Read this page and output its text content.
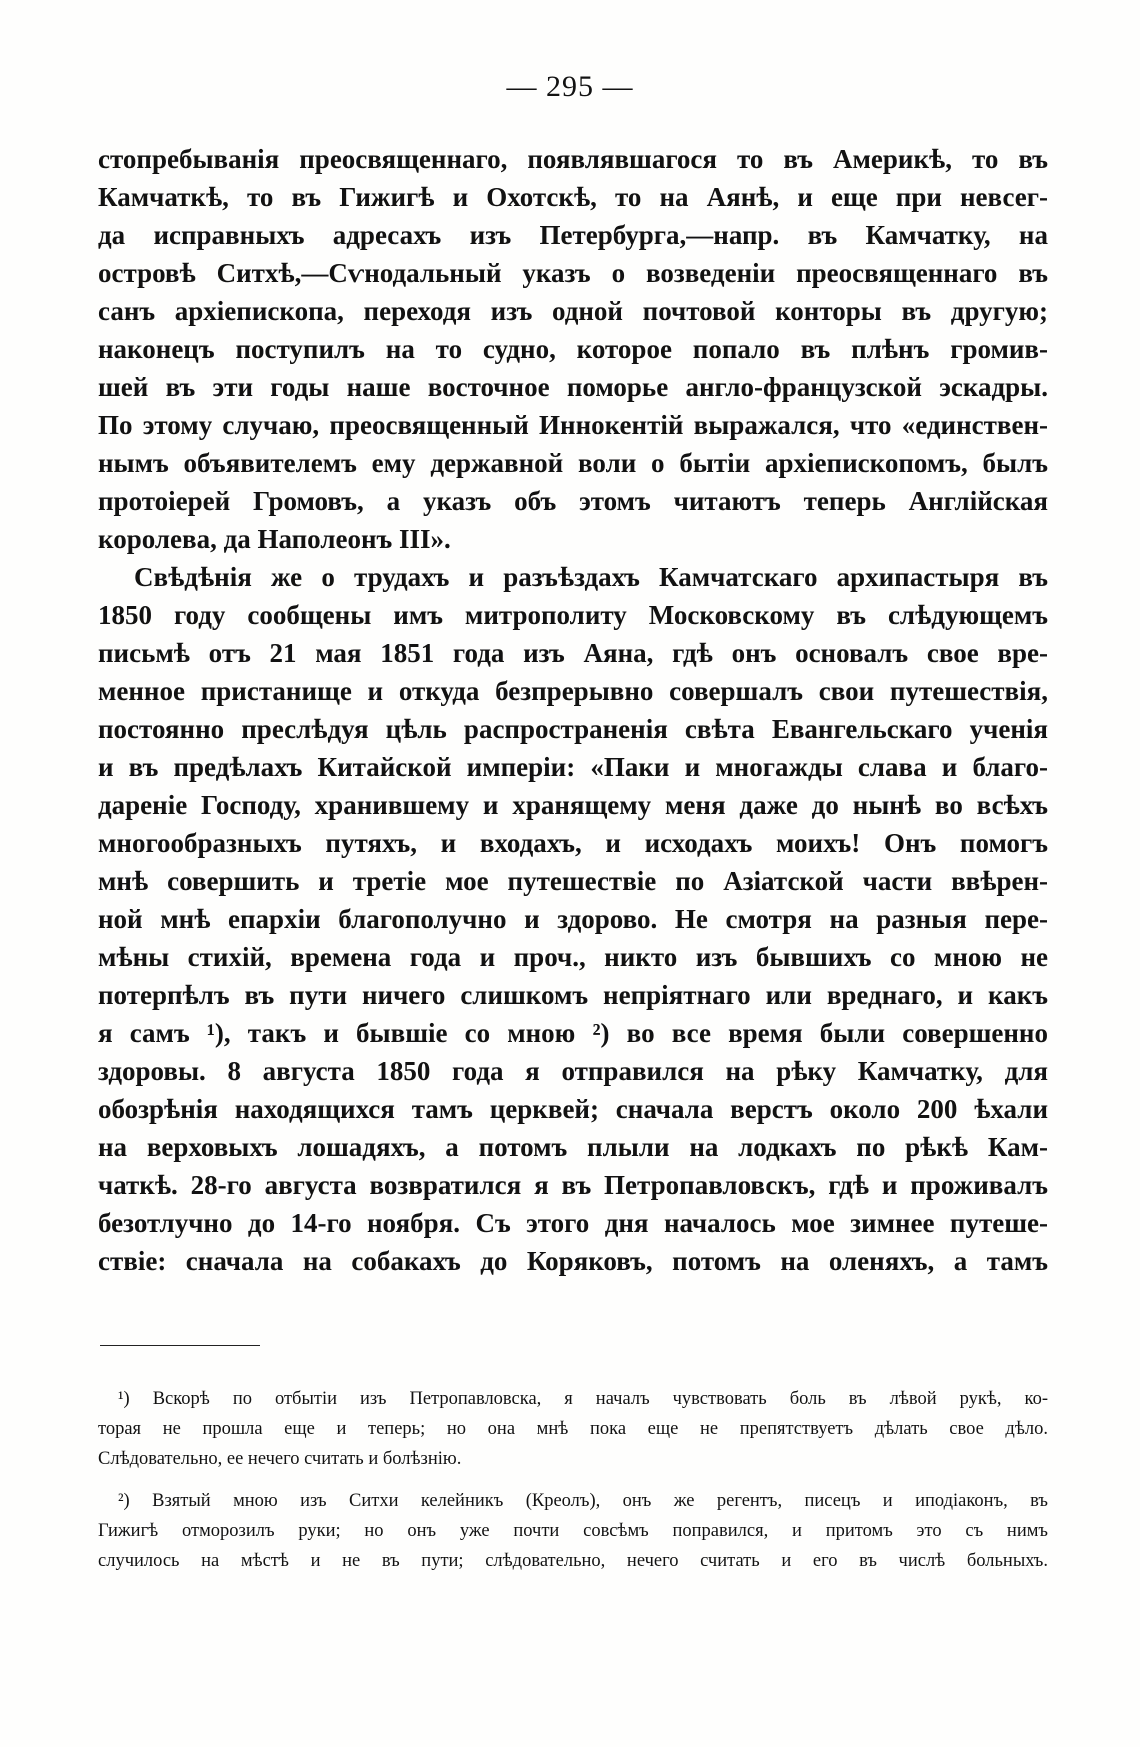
— 295 —
стопребыванія преосвященнаго, появлявшагося то въ Америкѣ, то въ
Камчаткѣ, то въ Гижигѣ и Охотскѣ, то на Аянѣ, и еще при невсег-
да исправныхъ адресахъ изъ Петербурга,—напр. въ Камчатку, на
островѣ Ситхѣ,—Сѵнодальный указъ о возведеніи преосвященнаго въ
санъ архіепископа, переходя изъ одной почтовой конторы въ другую;
наконецъ поступилъ на то судно, которое попало въ плѣнъ громив-
шей въ эти годы наше восточное поморье англо-французской эскадры.
По этому случаю, преосвященный Иннокентій выражался, что «единствен-
нымъ объявителемъ ему державной воли о бытіи архіепископомъ, былъ
протоіерей Громовъ, а указъ объ этомъ читаютъ теперь Англійская
королева, да Наполеонъ III».
Свѣдѣнія же о трудахъ и разъѣздахъ Камчатскаго архипастыря въ
1850 году сообщены имъ митрополиту Московскому въ слѣдующемъ
письмѣ отъ 21 мая 1851 года изъ Аяна, гдѣ онъ основалъ свое вре-
менное пристанище и откуда безпрерывно совершалъ свои путешествія,
постоянно преслѣдуя цѣль распространенія свѣта Евангельскаго ученія
и въ предѣлахъ Китайской имперіи: «Паки и многажды слава и благо-
дареніе Господу, хранившему и хранящему меня даже до нынѣ во всѣхъ
многообразныхъ путяхъ, и входахъ, и исходахъ моихъ! Онъ помогъ
мнѣ совершить и третіе мое путешествіе по Азіатской части ввѣрен-
ной мнѣ епархіи благополучно и здорово. Не смотря на разныя пере-
мѣны стихій, времена года и проч., никто изъ бывшихъ со мною не
потерпѣлъ въ пути ничего слишкомъ непріятнаго или вреднаго, и какъ
я самъ ¹), такъ и бывшіе со мною ²) во все время были совершенно
здоровы. 8 августа 1850 года я отправился на рѣку Камчатку, для
обозрѣнія находящихся тамъ церквей; сначала верстъ около 200 ѣхали
на верховыхъ лошадяхъ, а потомъ плыли на лодкахъ по рѣкѣ Кам-
чаткѣ. 28-го августа возвратился я въ Петропавловскъ, гдѣ и проживалъ
безотлучно до 14-го ноября. Съ этого дня началось мое зимнее путеше-
ствіе: сначала на собакахъ до Коряковъ, потомъ на оленяхъ, а тамъ
¹) Вскорѣ по отбытіи изъ Петропавловска, я началъ чувствовать боль въ лѣвой рукѣ, ко-
торая не прошла еще и теперь; но она мнѣ пока еще не препятствуетъ дѣлать свое дѣло.
Слѣдовательно, ее нечего считать и болѣзнію.
²) Взятый мною изъ Ситхи келейникъ (Креолъ), онъ же регентъ, писецъ и иподіаконъ, въ
Гижигѣ отморозилъ руки; но онъ уже почти совсѣмъ поправился, и притомъ это съ нимъ
случилось на мѣстѣ и не въ пути; слѣдовательно, нечего считать и его въ числѣ больныхъ.
